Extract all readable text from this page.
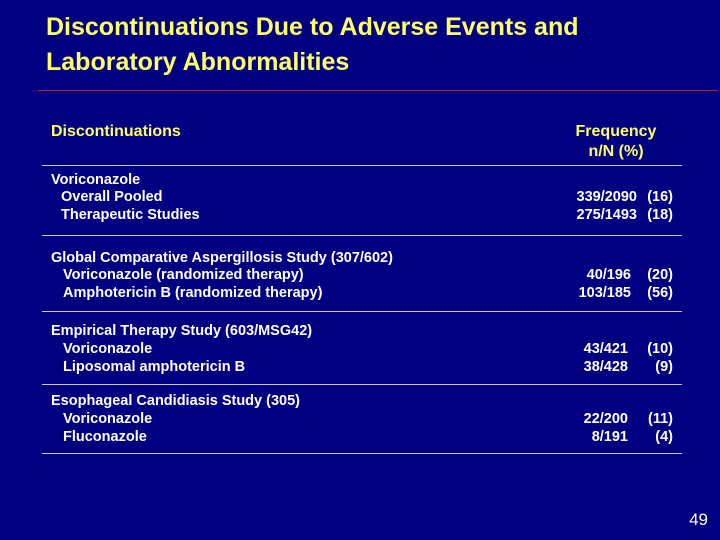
Discontinuations Due to Adverse Events and
Laboratory Abnormalities
Discontinuations	Frequency
n/N (%)
Voriconazole
Overall Pooled	339/2090 (16)
Therapeutic Studies	275/1493 (18)
Global Comparative Aspergillosis Study (307/602)
Voriconazole (randomized therapy)	40/196	(20)
Amphotericin B (randomized therapy)	103/185	(56)
Empirical Therapy Study (603/MSG42)
Voriconazole	43/421	(10)
Liposomal amphotericin B	38/428	(9)
Esophageal Candidiasis Study (305)
Voriconazole	22/200	(11)
Fluconazole	8/191	(4)
49
